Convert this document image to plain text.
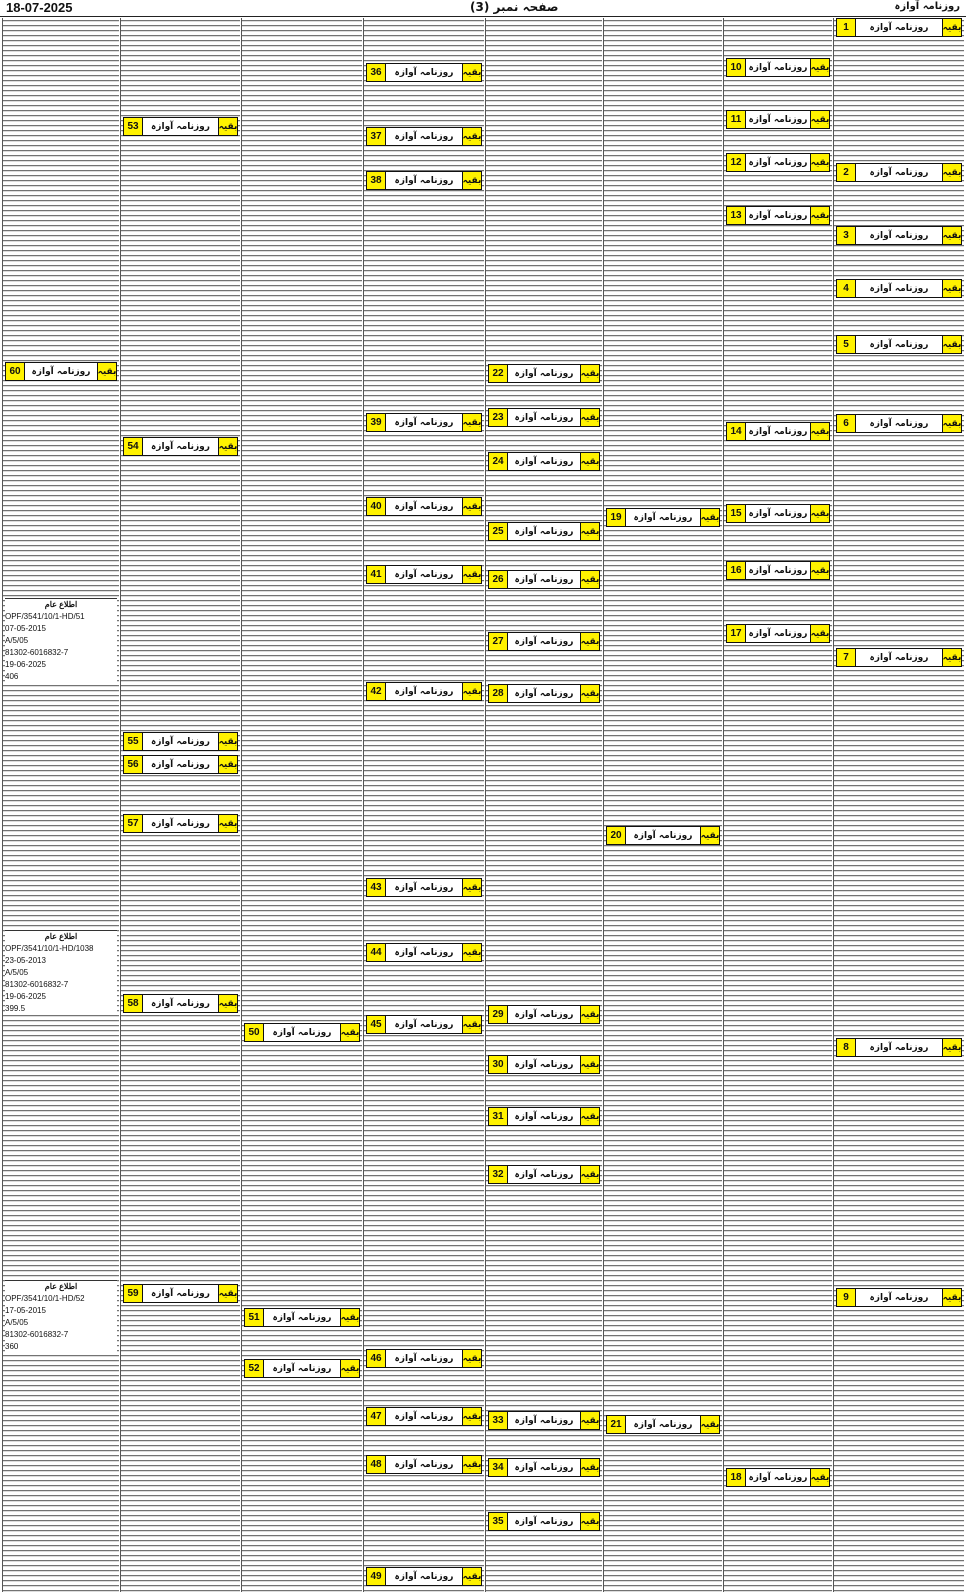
18-07-2025	صفحہ نمبر (3)	روزنامہ آوازہ
1	روزنامہ آوازہ	بقیہ
2	روزنامہ آوازہ	بقیہ
3	روزنامہ آوازہ	بقیہ
4	روزنامہ آوازہ	بقیہ
5	روزنامہ آوازہ	بقیہ
6	روزنامہ آوازہ	بقیہ
7	روزنامہ آوازہ	بقیہ
8	روزنامہ آوازہ	بقیہ
9	روزنامہ آوازہ	بقیہ
10 روزنامہ آوازہ بقیہ
11 روزنامہ آوازہ بقیہ
12 روزنامہ آوازہ بقیہ
13 روزنامہ آوازہ بقیہ
14 روزنامہ آوازہ بقیہ
15 روزنامہ آوازہ بقیہ
16 روزنامہ آوازہ بقیہ
17 روزنامہ آوازہ بقیہ
18 روزنامہ آوازہ بقیہ
19	روزنامہ آوازہ بقیہ
20	روزنامہ آوازہ بقیہ
21	روزنامہ آوازہ بقیہ
22	روزنامہ آوازہ بقیہ
23	روزنامہ آوازہ بقیہ
24	روزنامہ آوازہ بقیہ
25	روزنامہ آوازہ بقیہ
26	روزنامہ آوازہ بقیہ
27	روزنامہ آوازہ بقیہ
28	روزنامہ آوازہ بقیہ
29	روزنامہ آوازہ بقیہ
30	روزنامہ آوازہ بقیہ
31	روزنامہ آوازہ بقیہ
32	روزنامہ آوازہ بقیہ
33	روزنامہ آوازہ بقیہ
34	روزنامہ آوازہ بقیہ
35	روزنامہ آوازہ بقیہ
36	روزنامہ آوازہ	بقیہ
37	روزنامہ آوازہ	بقیہ
38	روزنامہ آوازہ	بقیہ
39	روزنامہ آوازہ	بقیہ
40	روزنامہ آوازہ	بقیہ
41	روزنامہ آوازہ	بقیہ
42	روزنامہ آوازہ	بقیہ
43	روزنامہ آوازہ	بقیہ
44	روزنامہ آوازہ	بقیہ
45	روزنامہ آوازہ	بقیہ
46	روزنامہ آوازہ	بقیہ
47	روزنامہ آوازہ	بقیہ
48	روزنامہ آوازہ	بقیہ
49	روزنامہ آوازہ	بقیہ
50	روزنامہ آوازہ	بقیہ
51	روزنامہ آوازہ	بقیہ
52	روزنامہ آوازہ	بقیہ
53	روزنامہ آوازہ بقیہ
54	روزنامہ آوازہ بقیہ
55	روزنامہ آوازہ بقیہ
56	روزنامہ آوازہ بقیہ
57	روزنامہ آوازہ بقیہ
58	روزنامہ آوازہ بقیہ
59	روزنامہ آوازہ بقیہ
60	روزنامہ آوازہ بقیہ
اطلاع عام
OPF/3541/10/1-HD/51
07-05-2015
A/5/05
81302-6016832-7
19-06-2025
406
اطلاع عام
OPF/3541/10/1-HD/1038
23-05-2013
A/5/05
81302-6016832-7
19-06-2025
399.5
اطلاع عام
OPF/3541/10/1-HD/52
17-05-2015
A/5/05
81302-6016832-7
360
